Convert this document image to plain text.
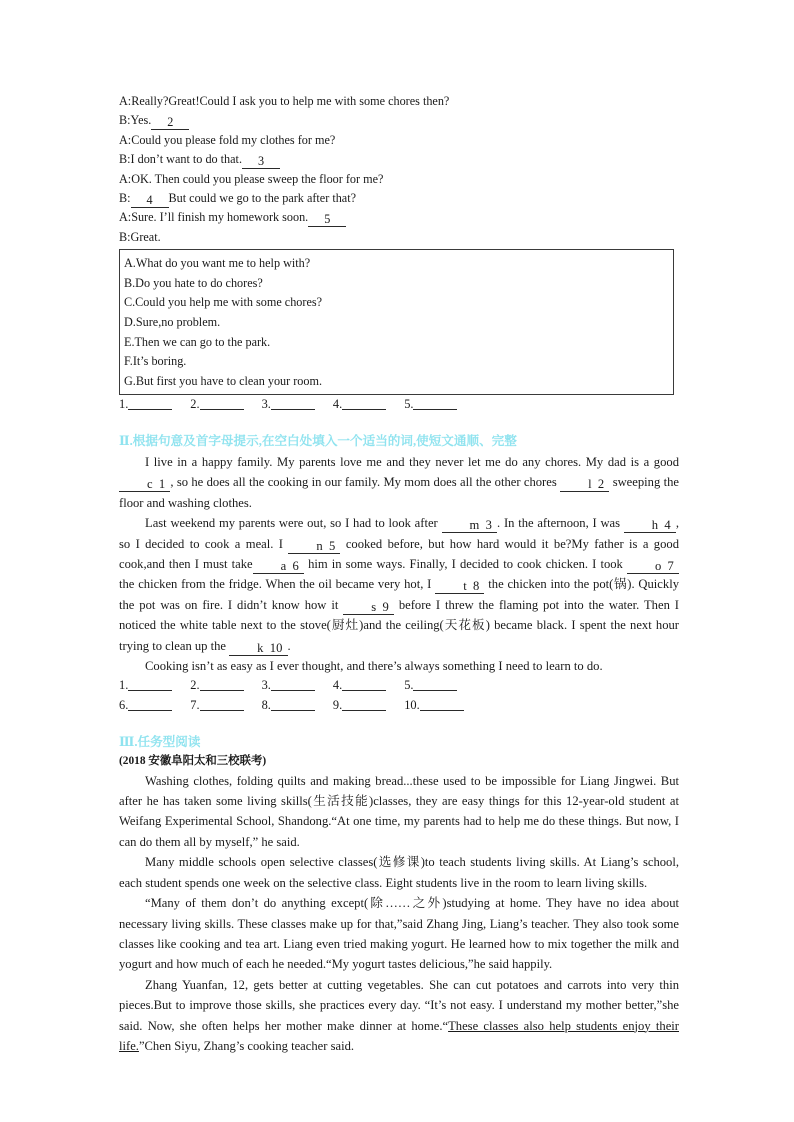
A:Really?Great!Could I ask you to help me with some chores then?
B:Yes. 2
A:Could you please fold my clothes for me?
B:I don’t want to do that. 3
A:OK. Then could you please sweep the floor for me?
B: 4 But could we go to the park after that?
A:Sure. I’ll finish my homework soon. 5
B:Great.
A.What do you want me to help with?
B.Do you hate to do chores?
C.Could you help me with some chores?
D.Sure,no problem.
E.Then we can go to the park.
F.It’s boring.
G.But first you have to clean your room.
1.	2.	3.	4.	5.
Ⅱ.根据句意及首字母提示,在空白处填入一个适当的词,使短文通顺、完整

I live in a happy family. My parents love me and they never let me do any chores. My dad is a good c 1 , so he does all the cooking in our family. My mom does all the other chores l 2  sweeping the floor and washing clothes.

Last weekend my parents were out, so I had to look after m 3 . In the afternoon, I was h 4 , so I decided to cook a meal. I n 5  cooked before, but how hard would it be?My father is a good cook,and then I must take a 6  him in some ways. Finally, I decided to cook chicken. I took o 7  the chicken from the fridge. When the oil became very hot, I t 8  the chicken into the pot(锅). Quickly the pot was on fire. I didn’t know how it s 9  before I threw the flaming pot into the water. Then I noticed the white table next to the stove(厨灶)and the ceiling(天花板) became black. I spent the next hour trying to clean up the k 10 .

Cooking isn’t as easy as I ever thought, and there’s always something I need to learn to do.

1.	2.	3.	4.	5.
6.	7.	8.	9.	10.
Ⅲ.任务型阅读
(2018 安徽阜阳太和三校联考)

Washing clothes, folding quilts and making bread...these used to be impossible for Liang Jingwei. But after he has taken some living skills(生活技能)classes, they are easy things for this 12-year-old student at Weifang Experimental School, Shandong.“At one time, my parents had to help me do these things. But now, I can do them all by myself,” he said.

Many middle schools open selective classes(选修课)to teach students living skills. At Liang’s school, each student spends one week on the selective class. Eight students live in the room to learn living skills.

“Many of them don’t do anything except(除……之外)studying at home. They have no idea about necessary living skills. These classes make up for that,”said Zhang Jing, Liang’s teacher. They also took some classes like cooking and tea art. Liang even tried making yogurt. He learned how to mix together the milk and yogurt and how much of each he needed.“My yogurt tastes delicious,”he said happily.

Zhang Yuanfan, 12, gets better at cutting vegetables. She can cut potatoes and carrots into very thin pieces.But to improve those skills, she practices every day. “It’s not easy. I understand my mother better,”she said. Now, she often helps her mother make dinner at home.“These classes also help students enjoy their life.”Chen Siyu, Zhang’s cooking teacher said.
